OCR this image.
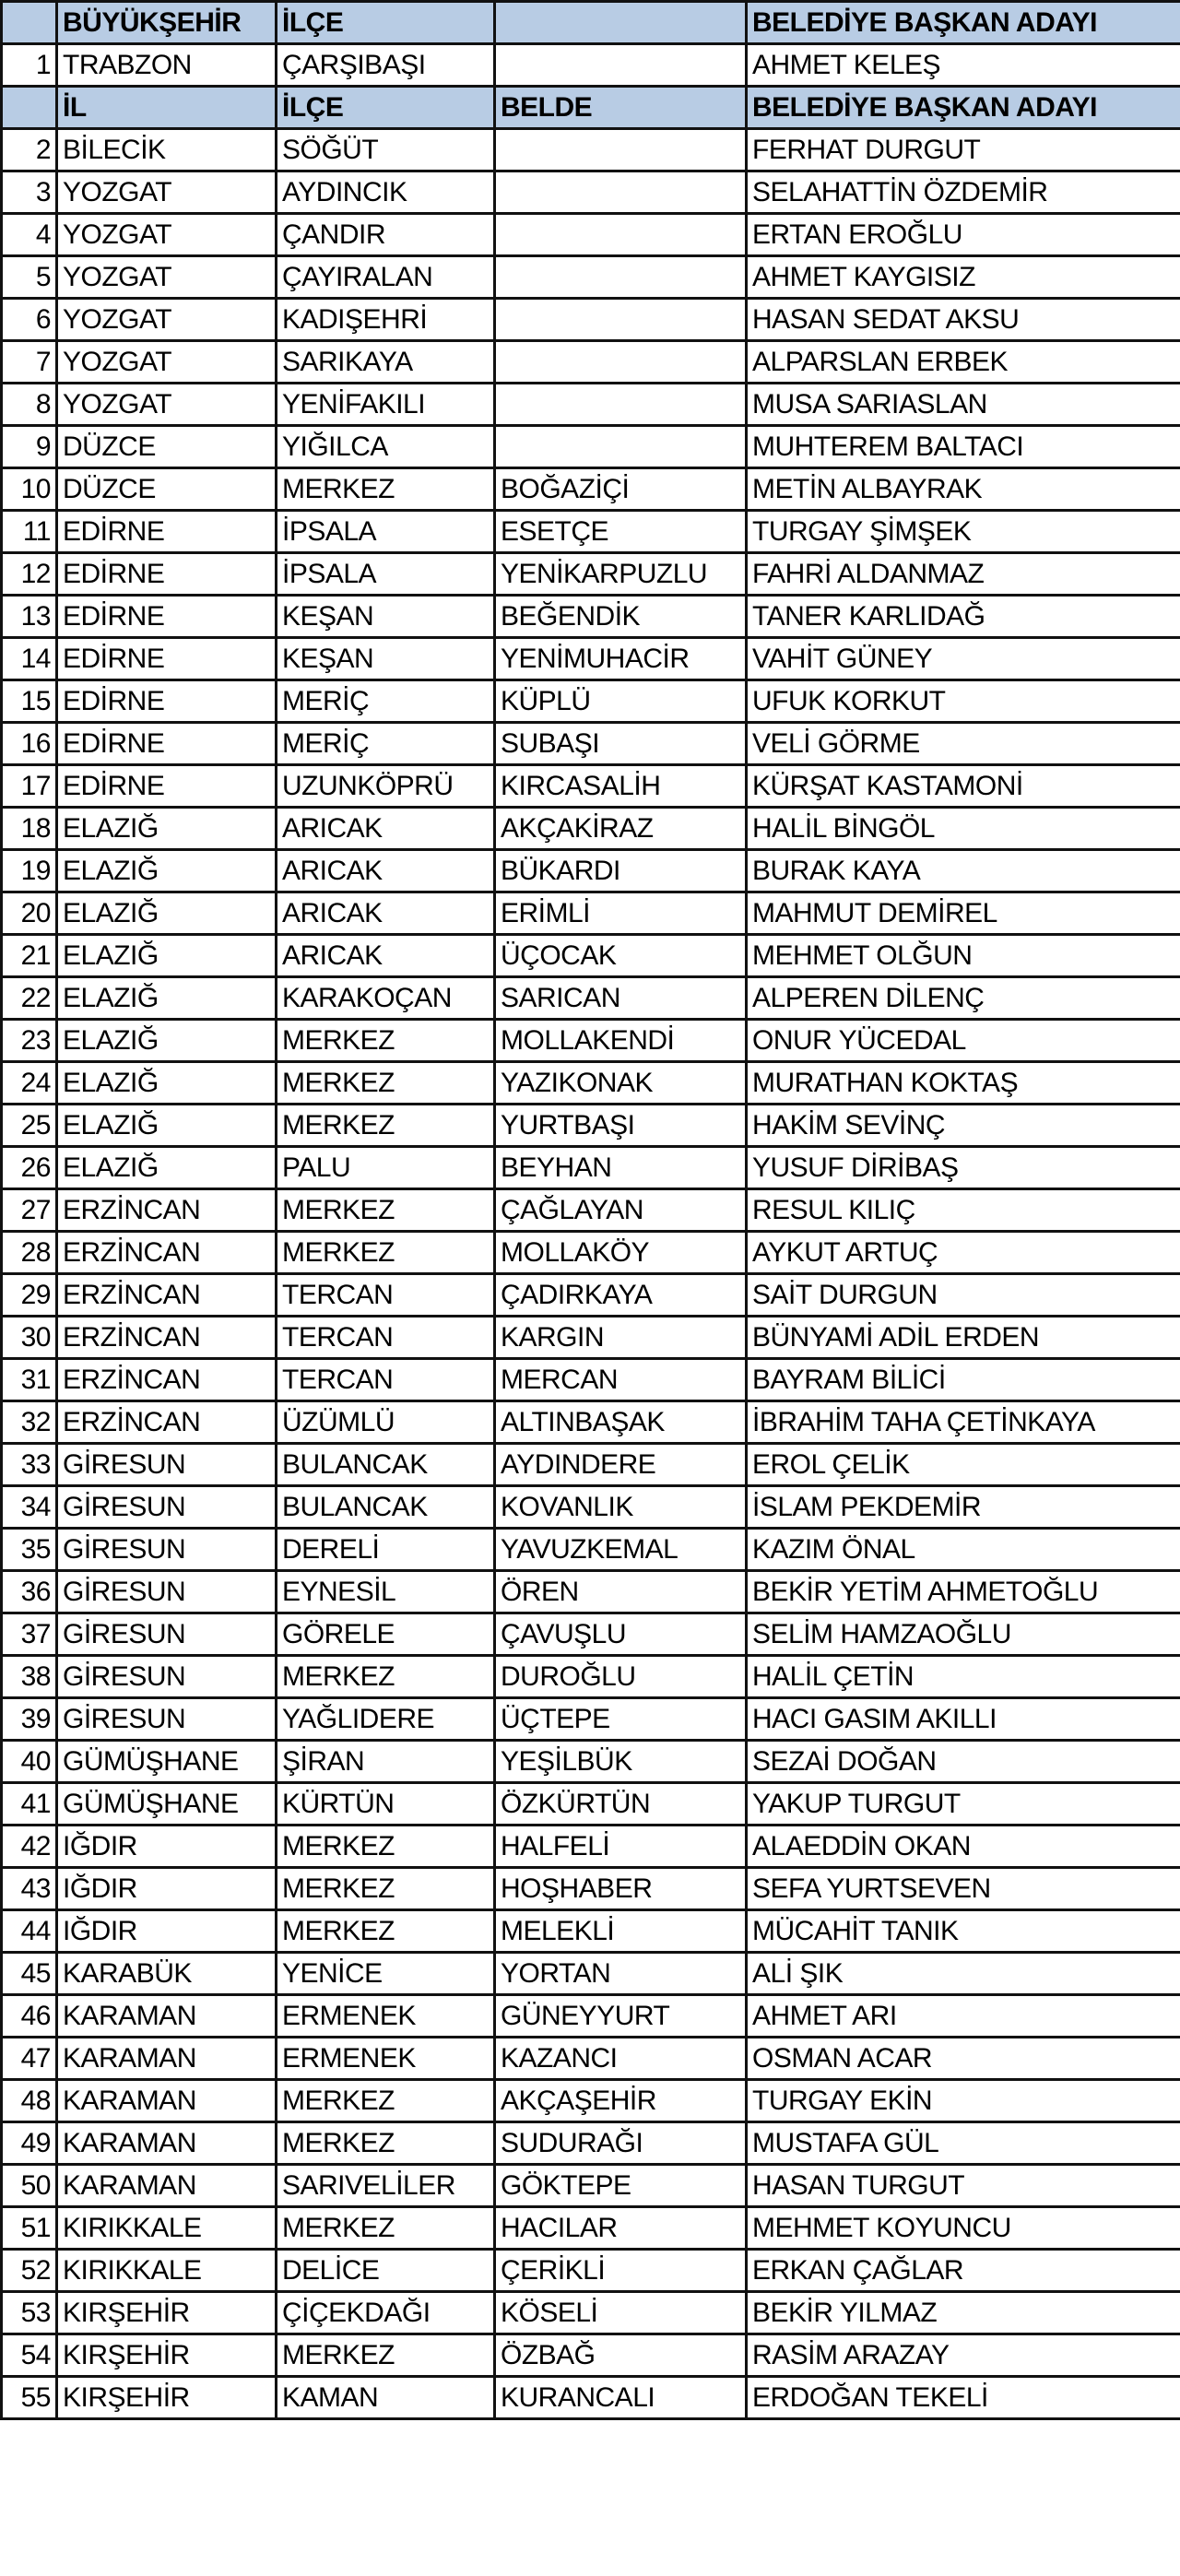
	BÜYÜKŞEHİR	İLÇE		BELEDİYE BAŞKAN ADAYI
1	TRABZON	ÇARŞIBAŞI		AHMET KELEŞ
	İL	İLÇE	BELDE	BELEDİYE BAŞKAN ADAYI
2	BİLECİK	SÖĞÜT		FERHAT DURGUT
3	YOZGAT	AYDINCIK		SELAHATTİN ÖZDEMİR
4	YOZGAT	ÇANDIR		ERTAN EROĞLU
5	YOZGAT	ÇAYIRALAN		AHMET KAYGISIZ
6	YOZGAT	KADIŞEHRİ		HASAN SEDAT AKSU
7	YOZGAT	SARIKAYA		ALPARSLAN ERBEK
8	YOZGAT	YENİFAKILI		MUSA SARIASLAN
9	DÜZCE	YIĞILCA		MUHTEREM BALTACI
10	DÜZCE	MERKEZ	BOĞAZİÇİ	METİN ALBAYRAK
11	EDİRNE	İPSALA	ESETÇE	TURGAY ŞİMŞEK
12	EDİRNE	İPSALA	YENİKARPUZLU	FAHRİ ALDANMAZ
13	EDİRNE	KEŞAN	BEĞENDİK	TANER KARLIDAĞ
14	EDİRNE	KEŞAN	YENİMUHACİR	VAHİT GÜNEY
15	EDİRNE	MERİÇ	KÜPLÜ	UFUK KORKUT
16	EDİRNE	MERİÇ	SUBAŞI	VELİ GÖRME
17	EDİRNE	UZUNKÖPRÜ	KIRCASALİH	KÜRŞAT KASTAMONİ
18	ELAZIĞ	ARICAK	AKÇAKİRAZ	HALİL BİNGÖL
19	ELAZIĞ	ARICAK	BÜKARDI	BURAK KAYA
20	ELAZIĞ	ARICAK	ERİMLİ	MAHMUT DEMİREL
21	ELAZIĞ	ARICAK	ÜÇOCAK	MEHMET OLĞUN
22	ELAZIĞ	KARAKOÇAN	SARICAN	ALPEREN DİLENÇ
23	ELAZIĞ	MERKEZ	MOLLAKENDİ	ONUR YÜCEDAL
24	ELAZIĞ	MERKEZ	YAZIKONAK	MURATHAN KOKTAŞ
25	ELAZIĞ	MERKEZ	YURTBAŞI	HAKİM SEVİNÇ
26	ELAZIĞ	PALU	BEYHAN	YUSUF DİRİBAŞ
27	ERZİNCAN	MERKEZ	ÇAĞLAYAN	RESUL KILIÇ
28	ERZİNCAN	MERKEZ	MOLLAKÖY	AYKUT ARTUÇ
29	ERZİNCAN	TERCAN	ÇADIRKAYA	SAİT DURGUN
30	ERZİNCAN	TERCAN	KARGIN	BÜNYAMİ ADİL ERDEN
31	ERZİNCAN	TERCAN	MERCAN	BAYRAM BİLİCİ
32	ERZİNCAN	ÜZÜMLÜ	ALTINBAŞAK	İBRAHİM TAHA ÇETİNKAYA
33	GİRESUN	BULANCAK	AYDINDERE	EROL ÇELİK
34	GİRESUN	BULANCAK	KOVANLIK	İSLAM PEKDEMİR
35	GİRESUN	DERELİ	YAVUZKEMAL	KAZIM ÖNAL
36	GİRESUN	EYNESİL	ÖREN	BEKİR YETİM AHMETOĞLU
37	GİRESUN	GÖRELE	ÇAVUŞLU	SELİM HAMZAOĞLU
38	GİRESUN	MERKEZ	DUROĞLU	HALİL ÇETİN
39	GİRESUN	YAĞLIDERE	ÜÇTEPE	HACI GASIM AKILLI
40	GÜMÜŞHANE	ŞİRAN	YEŞİLBÜK	SEZAİ DOĞAN
41	GÜMÜŞHANE	KÜRTÜN	ÖZKÜRTÜN	YAKUP TURGUT
42	IĞDIR	MERKEZ	HALFELİ	ALAEDDİN OKAN
43	IĞDIR	MERKEZ	HOŞHABER	SEFA YURTSEVEN
44	IĞDIR	MERKEZ	MELEKLİ	MÜCAHİT TANIK
45	KARABÜK	YENİCE	YORTAN	ALİ ŞIK
46	KARAMAN	ERMENEK	GÜNEYYURT	AHMET ARI
47	KARAMAN	ERMENEK	KAZANCI	OSMAN ACAR
48	KARAMAN	MERKEZ	AKÇAŞEHİR	TURGAY EKİN
49	KARAMAN	MERKEZ	SUDURAĞI	MUSTAFA GÜL
50	KARAMAN	SARIVELİLER	GÖKTEPE	HASAN TURGUT
51	KIRIKKALE	MERKEZ	HACILAR	MEHMET KOYUNCU
52	KIRIKKALE	DELİCE	ÇERİKLİ	ERKAN ÇAĞLAR
53	KIRŞEHİR	ÇİÇEKDAĞI	KÖSELİ	BEKİR YILMAZ
54	KIRŞEHİR	MERKEZ	ÖZBAĞ	RASİM ARAZAY
55	KIRŞEHİR	KAMAN	KURANCALI	ERDOĞAN TEKELİ
